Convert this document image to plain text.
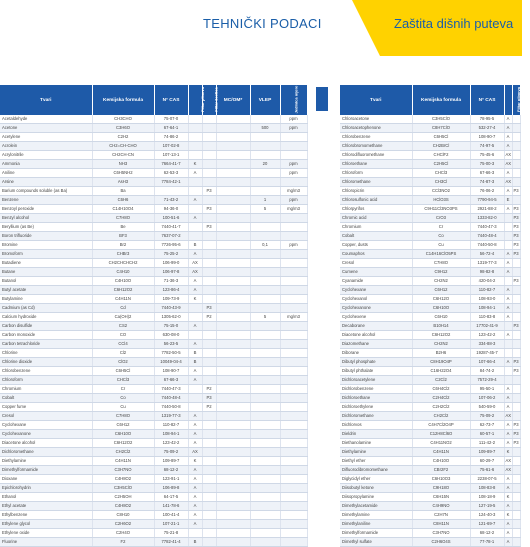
TEHNIČKI PODACI	Zaštita dišnih puteva
Tvari	Kemijska formula	N° CAS	Filtar plinova	Filtar čestica	MC/OM*	VLEP	Jedinica mjere
Acetaldehyde	CH3CHO	75-07-0					ppm
Acetone	C3H6O	67-64-1				500	ppm
Acetylene	C2H2	74-86-2					
Acrolein	CH2=CH-CHO	107-02-8					
Acrylonitrile	CH2CH-CN	107-13-1					
Ammonia	NH3	7664-41-7	K			20	ppm
Aniline	C6H5NH2	62-53-3	A				ppm
Arsine	AsH3	7784-42-1					
Barium compounds soluble (as Ba)	Ba			P3			mg/m3
Benzene	C6H6	71-43-2	A			1	ppm
Benzoyl peroxide	C14H10O4	94-36-0		P3		5	mg/m3
Benzyl alcohol	C7H8O	100-51-6	A				
Beryllium (as Be)	Be	7440-41-7		P3			
Boron trifluoride	BF3	7637-07-2					
Bromine	Br2	7726-95-6	B			0,1	ppm
Bromoform	CHBr3	75-25-2	A				
Butadiene	CH2CHCHCH2	106-99-0	AX				
Butane	C4H10	106-97-8	AX				
Butanol	C4H10O	71-36-3	A				
Butyl acetate	C6H12O2	123-86-4	A				
Butylamine	C4H11N	109-73-9	K				
Cadmium (as Cd)	Cd	7440-43-9		P3			
Calcium hydroxide	Ca(OH)2	1305-62-0		P2		5	mg/m3
Carbon disulfide	CS2	75-15-0	A				
Carbon monoxide	CO	630-08-0					
Carbon tetrachloride	CCl4	56-23-5	A				
Chlorine	Cl2	7782-50-5	B				
Chlorine dioxide	ClO2	10049-04-4	B				
Chlorobenzene	C6H5Cl	108-90-7	A				
Chloroform	CHCl3	67-66-3	A				
Chromium	Cr	7440-47-3		P2			
Cobalt	Co	7440-48-4		P3			
Copper fume	Cu	7440-50-8		P2			
Cresol	C7H8O	1319-77-3	A				
Cyclohexane	C6H12	110-82-7	A				
Cyclohexanone	C6H10O	108-94-1	A				
Diacetone alcohol	C6H12O2	123-42-2	A				
Dichloromethane	CH2Cl2	75-09-2	AX				
Diethylamine	C4H11N	109-89-7	K				
Dimethylformamide	C3H7NO	68-12-2	A				
Dioxane	C4H8O2	123-91-1	A				
Epichlorohydrin	C3H5ClO	106-89-8	A				
Ethanol	C2H5OH	64-17-5	A				
Ethyl acetate	C4H8O2	141-78-6	A				
Ethylbenzene	C8H10	100-41-4	A				
Ethylene glycol	C2H6O2	107-21-1	A				
Ethylene oxide	C2H4O	75-21-8					
Fluorine	F2	7782-41-4	B				
Tvari	Kemijska formula	N° CAS	Filtar plinova	
Chloroacetone	C3H5ClO	78-95-5	A	
Chloroacetophenone	C8H7ClO	532-27-4	A	
Chlorobenzene	C6H5Cl	108-90-7	A	
Chlorobromomethane	CH2BrCl	74-97-5	A	
Chlorodifluoromethane	CHClF2	75-45-6	AX	
Chloroethane	C2H5Cl	75-00-3	AX	
Chloroform	CHCl3	67-66-3	A	
Chloromethane	CH3Cl	74-87-3	AX	
Chloropicrin	CCl3NO2	76-06-2	A	P3
Chlorosulfonic acid	HClO3S	7790-94-5	E	
Chlorpyrifos	C9H11Cl3NO3PS	2921-88-2	A	P3
Chromic acid	CrO3	1333-82-0		P3
Chromium	Cr	7440-47-3		P3
Cobalt	Co	7440-48-4		P3
Copper, dusts	Cu	7440-50-8		P3
Coumaphos	C14H16ClO5PS	56-72-4	A	P3
Cresol	C7H8O	1319-77-3	A	
Cumene	C9H12	98-82-8	A	
Cyanamide	CH2N2	420-04-2		P3
Cyclohexane	C6H12	110-82-7	A	
Cyclohexanol	C6H12O	108-93-0	A	
Cyclohexanone	C6H10O	108-94-1	A	
Cyclohexene	C6H10	110-83-8	A	
Decaborane	B10H14	17702-41-9		P3
Diacetone alcohol	C6H12O2	123-42-2	A	
Diazomethane	CH2N2	334-88-3		
Diborane	B2H6	19287-45-7		
Dibutyl phosphate	C8H19O4P	107-66-4	A	P3
Dibutyl phthalate	C16H22O4	84-74-2		P3
Dichloroacetylene	C2Cl2	7572-29-4		
Dichlorobenzene	C6H4Cl2	95-50-1	A	
Dichloroethane	C2H4Cl2	107-06-2	A	
Dichloroethylene	C2H2Cl2	540-59-0	A	
Dichloromethane	CH2Cl2	75-09-2	AX	
Dichlorvos	C4H7Cl2O4P	62-73-7	A	P3
Dieldrin	C12H8Cl6O	60-57-1	A	P3
Diethanolamine	C4H11NO2	111-42-2	A	P3
Diethylamine	C4H11N	109-89-7	K	
Diethyl ether	C4H10O	60-29-7	AX	
Difluorodibromomethane	CBr2F2	75-61-6	AX	
Diglycidyl ether	C6H10O3	2238-07-5	A	
Diisobutyl ketone	C9H18O	108-83-8	A	
Diisopropylamine	C6H15N	108-18-9	K	
Dimethylacetamide	C4H9NO	127-19-5	A	
Dimethylamine	C2H7N	124-40-3	K	
Dimethylaniline	C8H11N	121-69-7	A	
Dimethylformamide	C3H7NO	68-12-2	A	
Dimethyl sulfate	C2H6O4S	77-78-1	A	
